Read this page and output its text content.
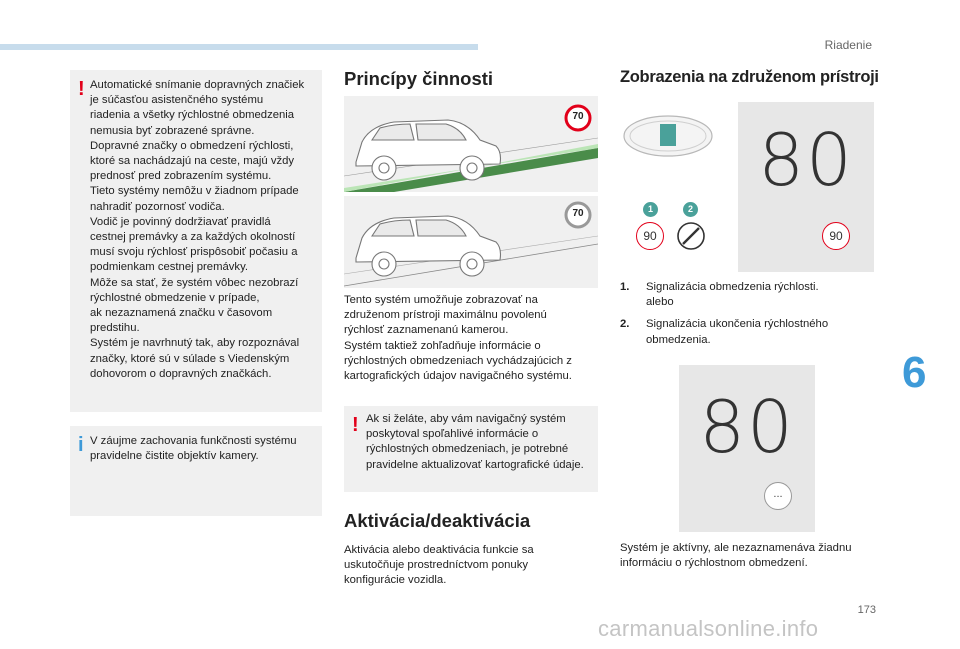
Riadenie
6
173
carmanualsonline.info
! Automatické snímanie dopravných značiek

je súčasťou asistenčného systému

riadenia a všetky rýchlostné obmedzenia

nemusia byť zobrazené správne.

Dopravné značky o obmedzení rýchlosti,

ktoré sa nachádzajú na ceste, majú vždy

prednosť pred zobrazením systému.

Tieto systémy nemôžu v žiadnom prípade

nahradiť pozornosť vodiča.

Vodič je povinný dodržiavať pravidlá

cestnej premávky a za každých okolností

musí svoju rýchlosť prispôsobiť počasiu a

podmienkam cestnej premávky.

Môže sa stať, že systém vôbec nezobrazí

rýchlostné obmedzenie v prípade,

ak nezaznamená značku v časovom

predstihu.

Systém je navrhnutý tak, aby rozpoznával

značky, ktoré sú v súlade s Viedenským

dohovorom o dopravných značkách.

i V záujme zachovania funkčnosti systému

pravidelne čistite objektív kamery.

Princípy činnosti
70
70

Tento systém umožňuje zobrazovať na

združenom prístroji maximálnu povolenú

rýchlosť zaznamenanú kamerou.

Systém taktiež zohľadňuje informácie o

rýchlostných obmedzeniach vychádzajúcich z

kartografických údajov navigačného systému.

! Ak si želáte, aby vám navigačný systém

poskytoval spoľahlivé informácie o

rýchlostných obmedzeniach, je potrebné

pravidelne aktualizovať kartografické údaje.

Aktivácia/deaktivácia

Aktivácia alebo deaktivácia funkcie sa

uskutočňuje prostredníctvom ponuky

konfigurácie vozidla.

Zobrazenia na združenom prístroji
80
1	2
90	90
1. Signalizácia obmedzenia rýchlosti.
alebo
2. Signalizácia ukončenia rýchlostného
obmedzenia.
80
...

Systém je aktívny, ale nezaznamenáva žiadnu

informáciu o rýchlostnom obmedzení.
